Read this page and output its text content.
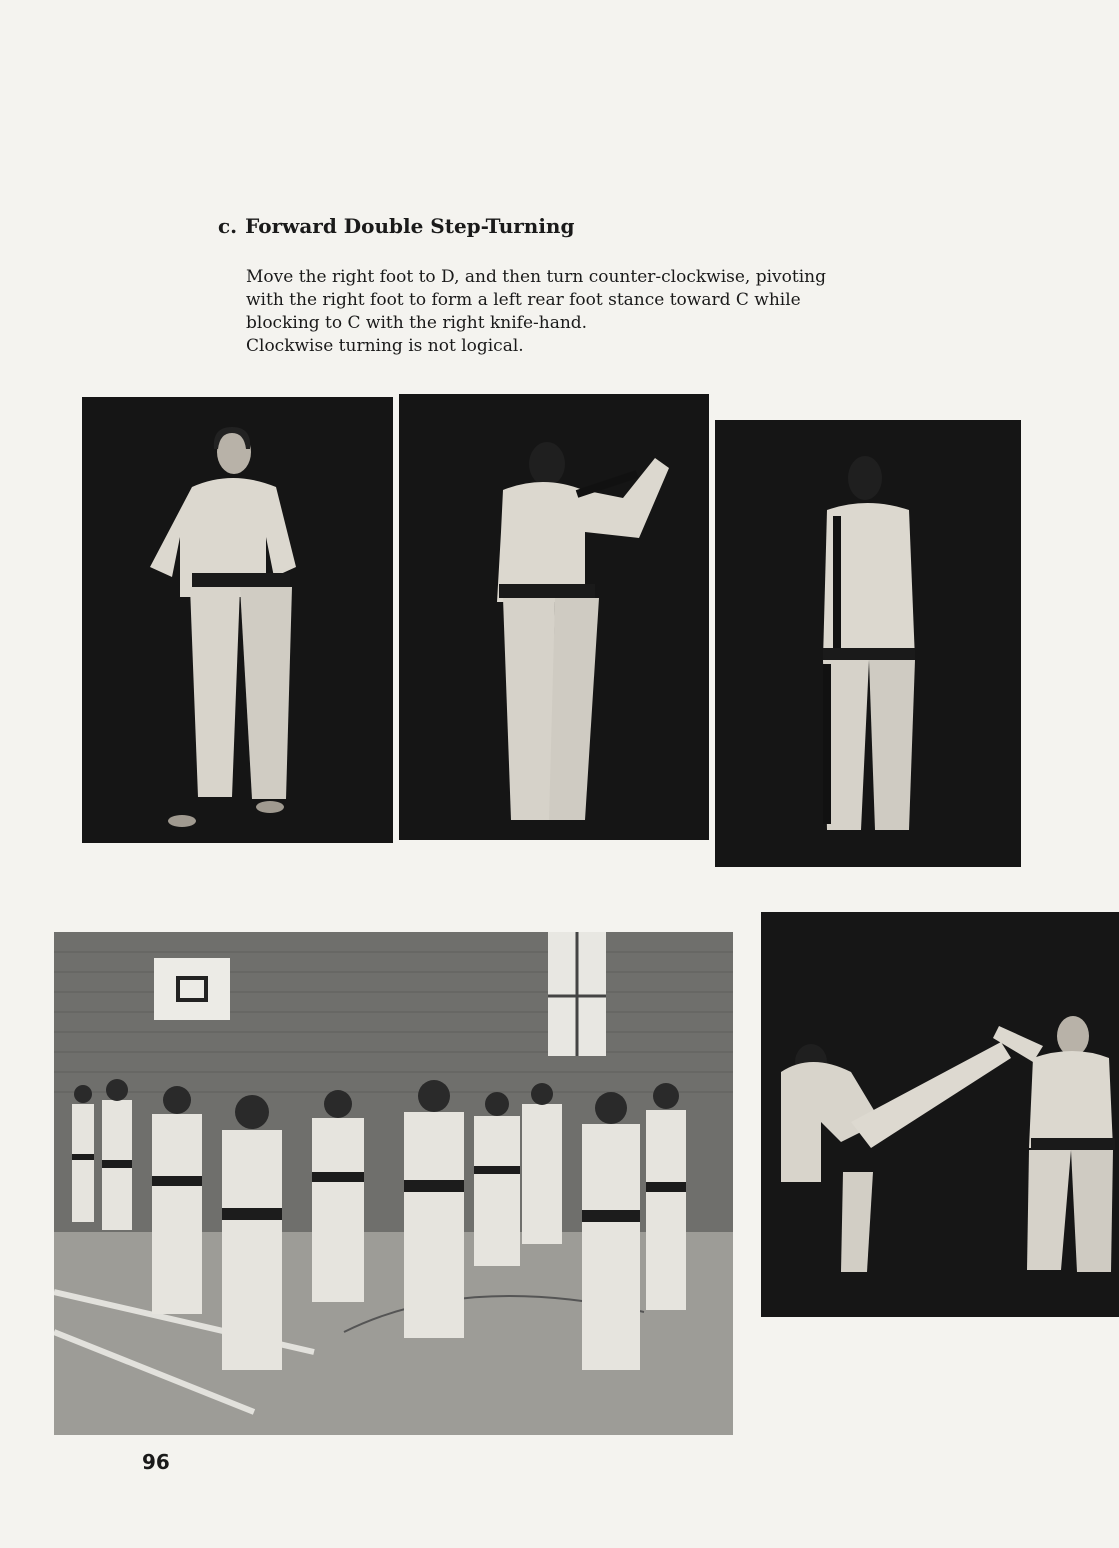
c. Forward Double Step-Turning

Move the right foot to D, and then turn counter-clockwise, pivoting

with the right foot to form a left rear foot stance toward C while

blocking to C with the right knife-hand.

Clockwise turning is not logical.

96
